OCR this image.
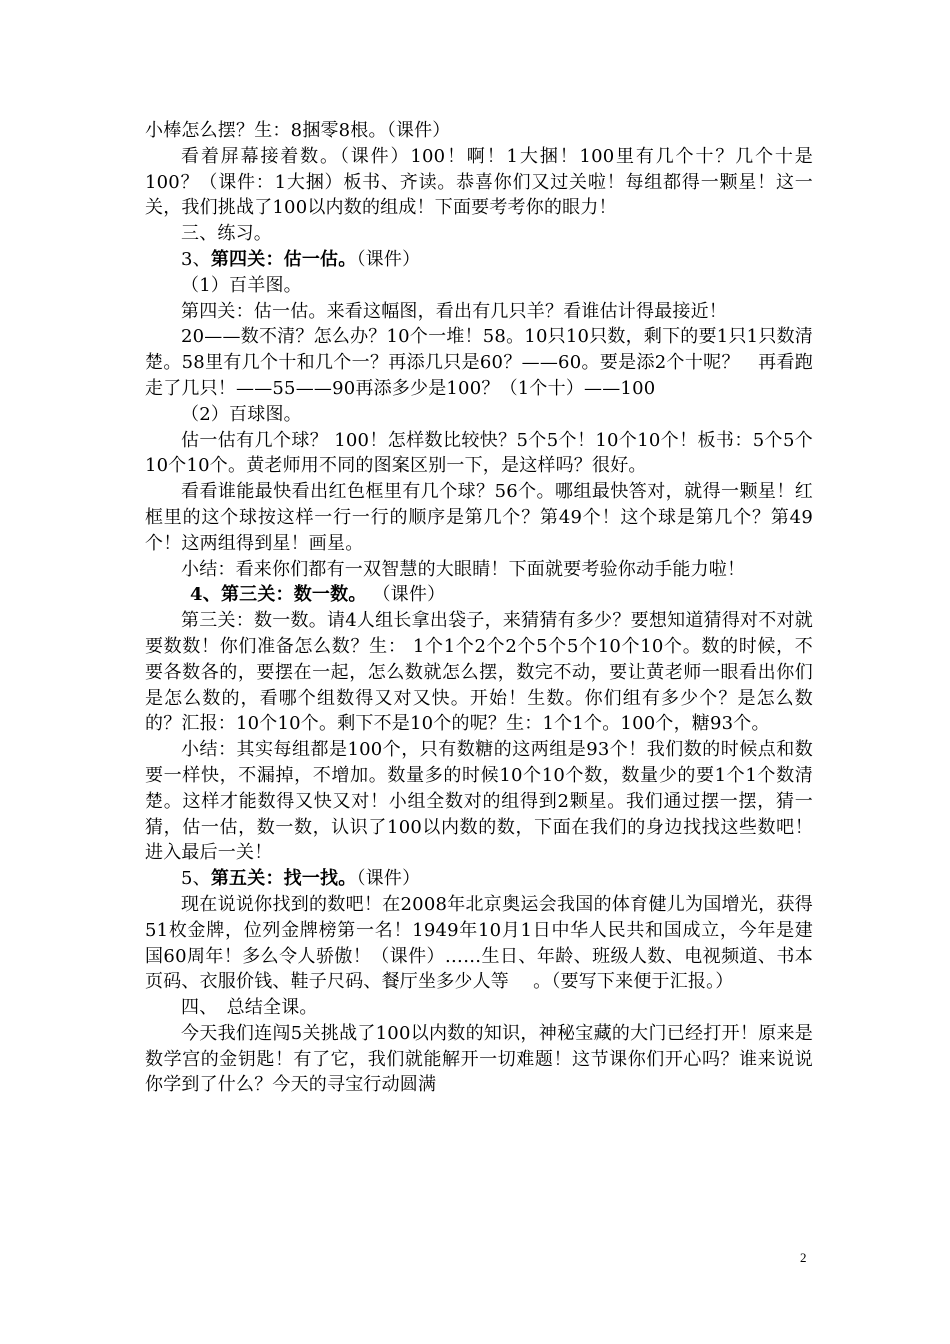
小棒怎么摆？生：8捆零8根。（课件）

看着屏幕接着数。（课件）100！啊！1大捆！100里有几个十？几个十是100？（课件：1大捆）板书、齐读。恭喜你们又过关啦！每组都得一颗星！这一关，我们挑战了100以内数的组成！下面要考考你的眼力！

三、练习。

3、第四关：估一估。（课件）

（1）百羊图。

第四关：估一估。来看这幅图，看出有几只羊？看谁估计得最接近！

20——数不清？怎么办？10个一堆！58。10只10只数，剩下的要1只1只数清楚。58里有几个十和几个一？再添几只是60？——60。要是添2个十呢？　再看跑走了几只！——55——90再添多少是100？（1个十）——100

（2）百球图。

估一估有几个球？ 100！怎样数比较快？5个5个！10个10个！板书：5个5个10个10个。黄老师用不同的图案区别一下，是这样吗？很好。

看看谁能最快看出红色框里有几个球？56个。哪组最快答对，就得一颗星！红框里的这个球按这样一行一行的顺序是第几个？第49个！这个球是第几个？第49个！这两组得到星！画星。

小结：看来你们都有一双智慧的大眼睛！下面就要考验你动手能力啦！

4、第三关：数一数。 （课件）

第三关：数一数。请4人组长拿出袋子，来猜猜有多少？要想知道猜得对不对就要数数！你们准备怎么数？生： 1个1个2个2个5个5个10个10个。数的时候，不要各数各的，要摆在一起，怎么数就怎么摆，数完不动，要让黄老师一眼看出你们是怎么数的，看哪个组数得又对又快。开始！生数。你们组有多少个？是怎么数的？汇报：10个10个。剩下不是10个的呢？生：1个1个。100个，糖93个。

小结：其实每组都是100个，只有数糖的这两组是93个！我们数的时候点和数要一样快，不漏掉，不增加。数量多的时候10个10个数，数量少的要1个1个数清楚。这样才能数得又快又对！小组全数对的组得到2颗星。我们通过摆一摆，猜一猜，估一估，数一数，认识了100以内数的数，下面在我们的身边找找这些数吧！进入最后一关！

5、第五关：找一找。（课件）

现在说说你找到的数吧！在2008年北京奥运会我国的体育健儿为国增光，获得51枚金牌，位列金牌榜第一名！1949年10月1日中华人民共和国成立，今年是建国60周年！多么令人骄傲！（课件）……生日、年龄、班级人数、电视频道、书本页码、衣服价钱、鞋子尺码、餐厅坐多少人等 　。（要写下来便于汇报。）

四、　总结全课。

今天我们连闯5关挑战了100以内数的知识，神秘宝藏的大门已经打开！原来是数学宫的金钥匙！有了它，我们就能解开一切难题！这节课你们开心吗？谁来说说你学到了什么？今天的寻宝行动圆满

2
